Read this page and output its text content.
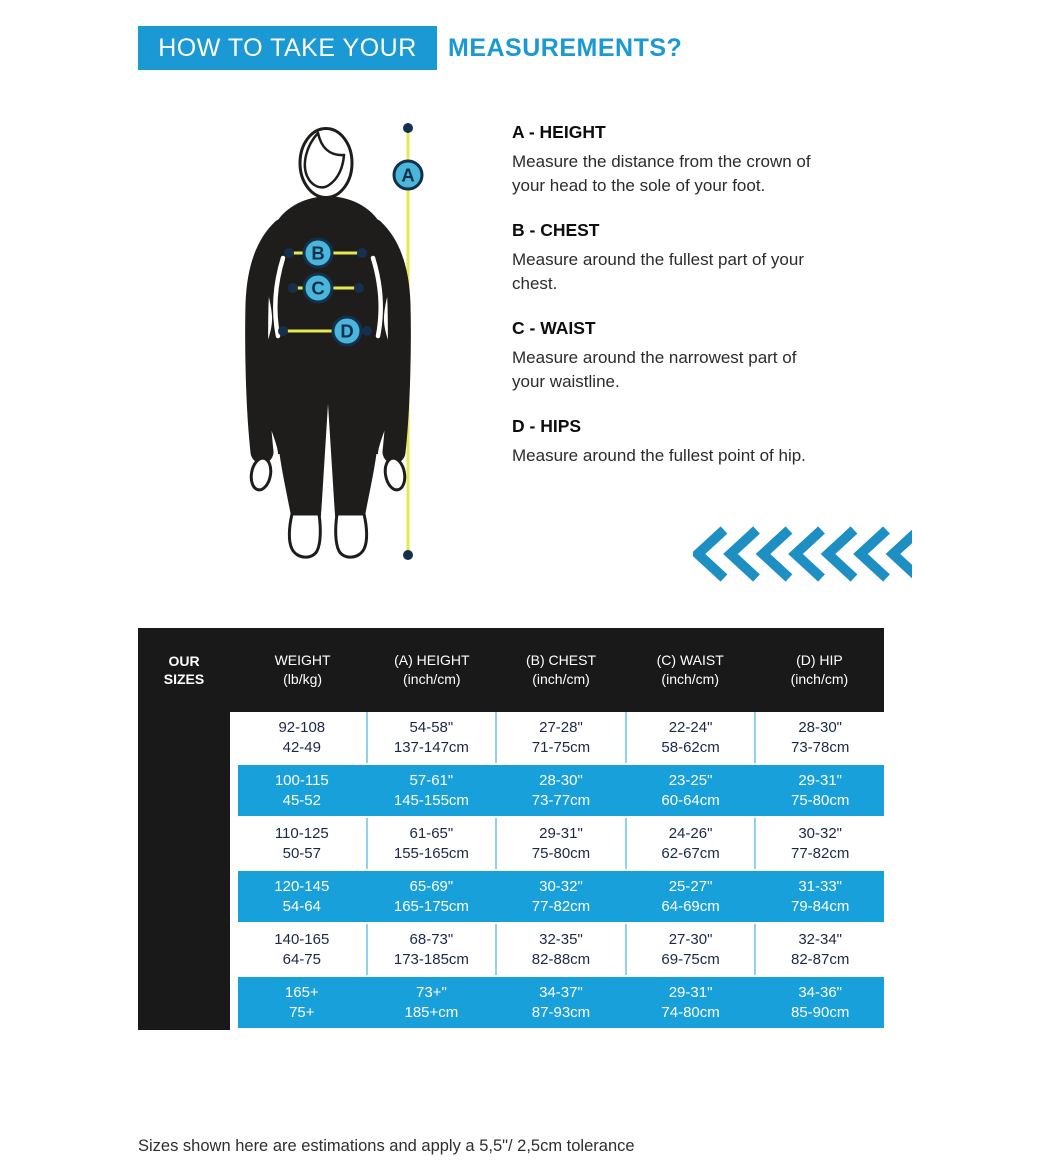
HOW TO TAKE YOUR	MEASUREMENTS?
A
B
C
D
A - HEIGHT

Measure the distance from the crown of your head to the sole of your foot.

B - CHEST

Measure around the fullest part of your chest.

C - WAIST

Measure around the narrowest part of your waistline.

D - HIPS

Measure around the fullest point of hip.

OUR
SIZES
WEIGHT
(lb/kg)
(A) HEIGHT
(inch/cm)
(B) CHEST
(inch/cm)
(C) WAIST
(inch/cm)
(D) HIP
(inch/cm)
92-108
42-49
54-58"
137-147cm
27-28"
71-75cm
22-24"
58-62cm
28-30"
73-78cm
100-115
45-52
57-61"
145-155cm
28-30"
73-77cm
23-25"
60-64cm
29-31"
75-80cm
110-125
50-57
61-65"
155-165cm
29-31"
75-80cm
24-26"
62-67cm
30-32"
77-82cm
120-145
54-64
65-69"
165-175cm
30-32"
77-82cm
25-27"
64-69cm
31-33"
79-84cm
140-165
64-75
68-73"
173-185cm
32-35"
82-88cm
27-30"
69-75cm
32-34"
82-87cm
165+
75+
73+"
185+cm
34-37"
87-93cm
29-31"
74-80cm
34-36"
85-90cm
Sizes shown here are estimations and apply a 5,5"/ 2,5cm tolerance
